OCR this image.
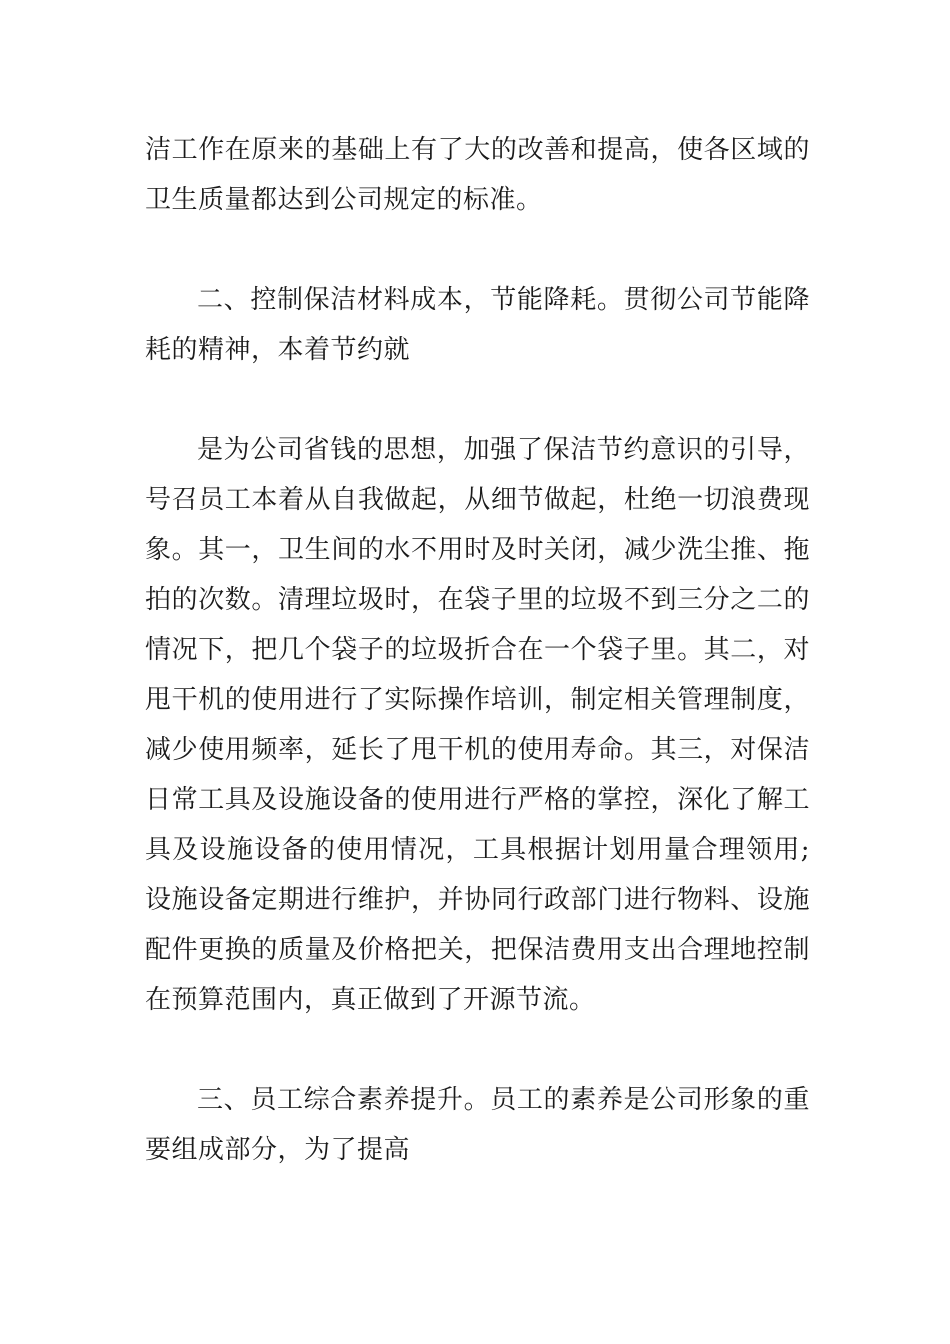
洁工作在原来的基础上有了大的改善和提高，使各区域的卫生质量都达到公司规定的标准。

二、控制保洁材料成本，节能降耗。贯彻公司节能降耗的精神，本着节约就

是为公司省钱的思想，加强了保洁节约意识的引导，号召员工本着从自我做起，从细节做起，杜绝一切浪费现象。其一，卫生间的水不用时及时关闭，减少洗尘推、拖拍的次数。清理垃圾时，在袋子里的垃圾不到三分之二的情况下，把几个袋子的垃圾折合在一个袋子里。其二，对甩干机的使用进行了实际操作培训，制定相关管理制度，减少使用频率，延长了甩干机的使用寿命。其三，对保洁日常工具及设施设备的使用进行严格的掌控，深化了解工具及设施设备的使用情况，工具根据计划用量合理领用;设施设备定期进行维护，并协同行政部门进行物料、设施配件更换的质量及价格把关，把保洁费用支出合理地控制在预算范围内，真正做到了开源节流。

三、员工综合素养提升。员工的素养是公司形象的重要组成部分，为了提高
